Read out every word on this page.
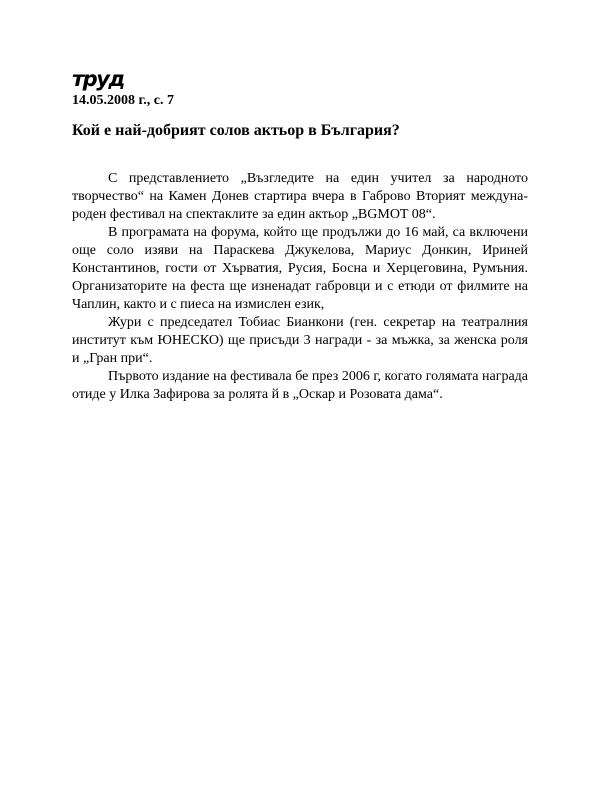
труд
14.05.2008 г., с. 7
Кой е най-добрият солов актьор в България?

С представлението „Възгледите на един учител за народното творчество“ на Камен Донев стартира вчера в Габрово Вторият междуна-роден фестивал на спектаклите за един актьор „BGMOT 08“.

В програмата на форума, който ще продължи до 16 май, са включени още соло изяви на Параскева Джукелова, Мариус Донкин, Ириней Константинов, гости от Хърватия, Русия, Босна и Херцеговина, Румъния. Организаторите на феста ще изненадат габровци и с етюди от филмите на Чаплин, както и с пиеса на измислен език,

Жури с председател Тобиас Бианкони (ген. секретар на театралния институт към ЮНЕСКО) ще присъди 3 награди - за мъжка, за женска роля и „Гран при“.

Първото издание на фестивала бе през 2006 г, когато голямата награда отиде у Илка Зафирова за ролята й в „Оскар и Розовата дама“.
